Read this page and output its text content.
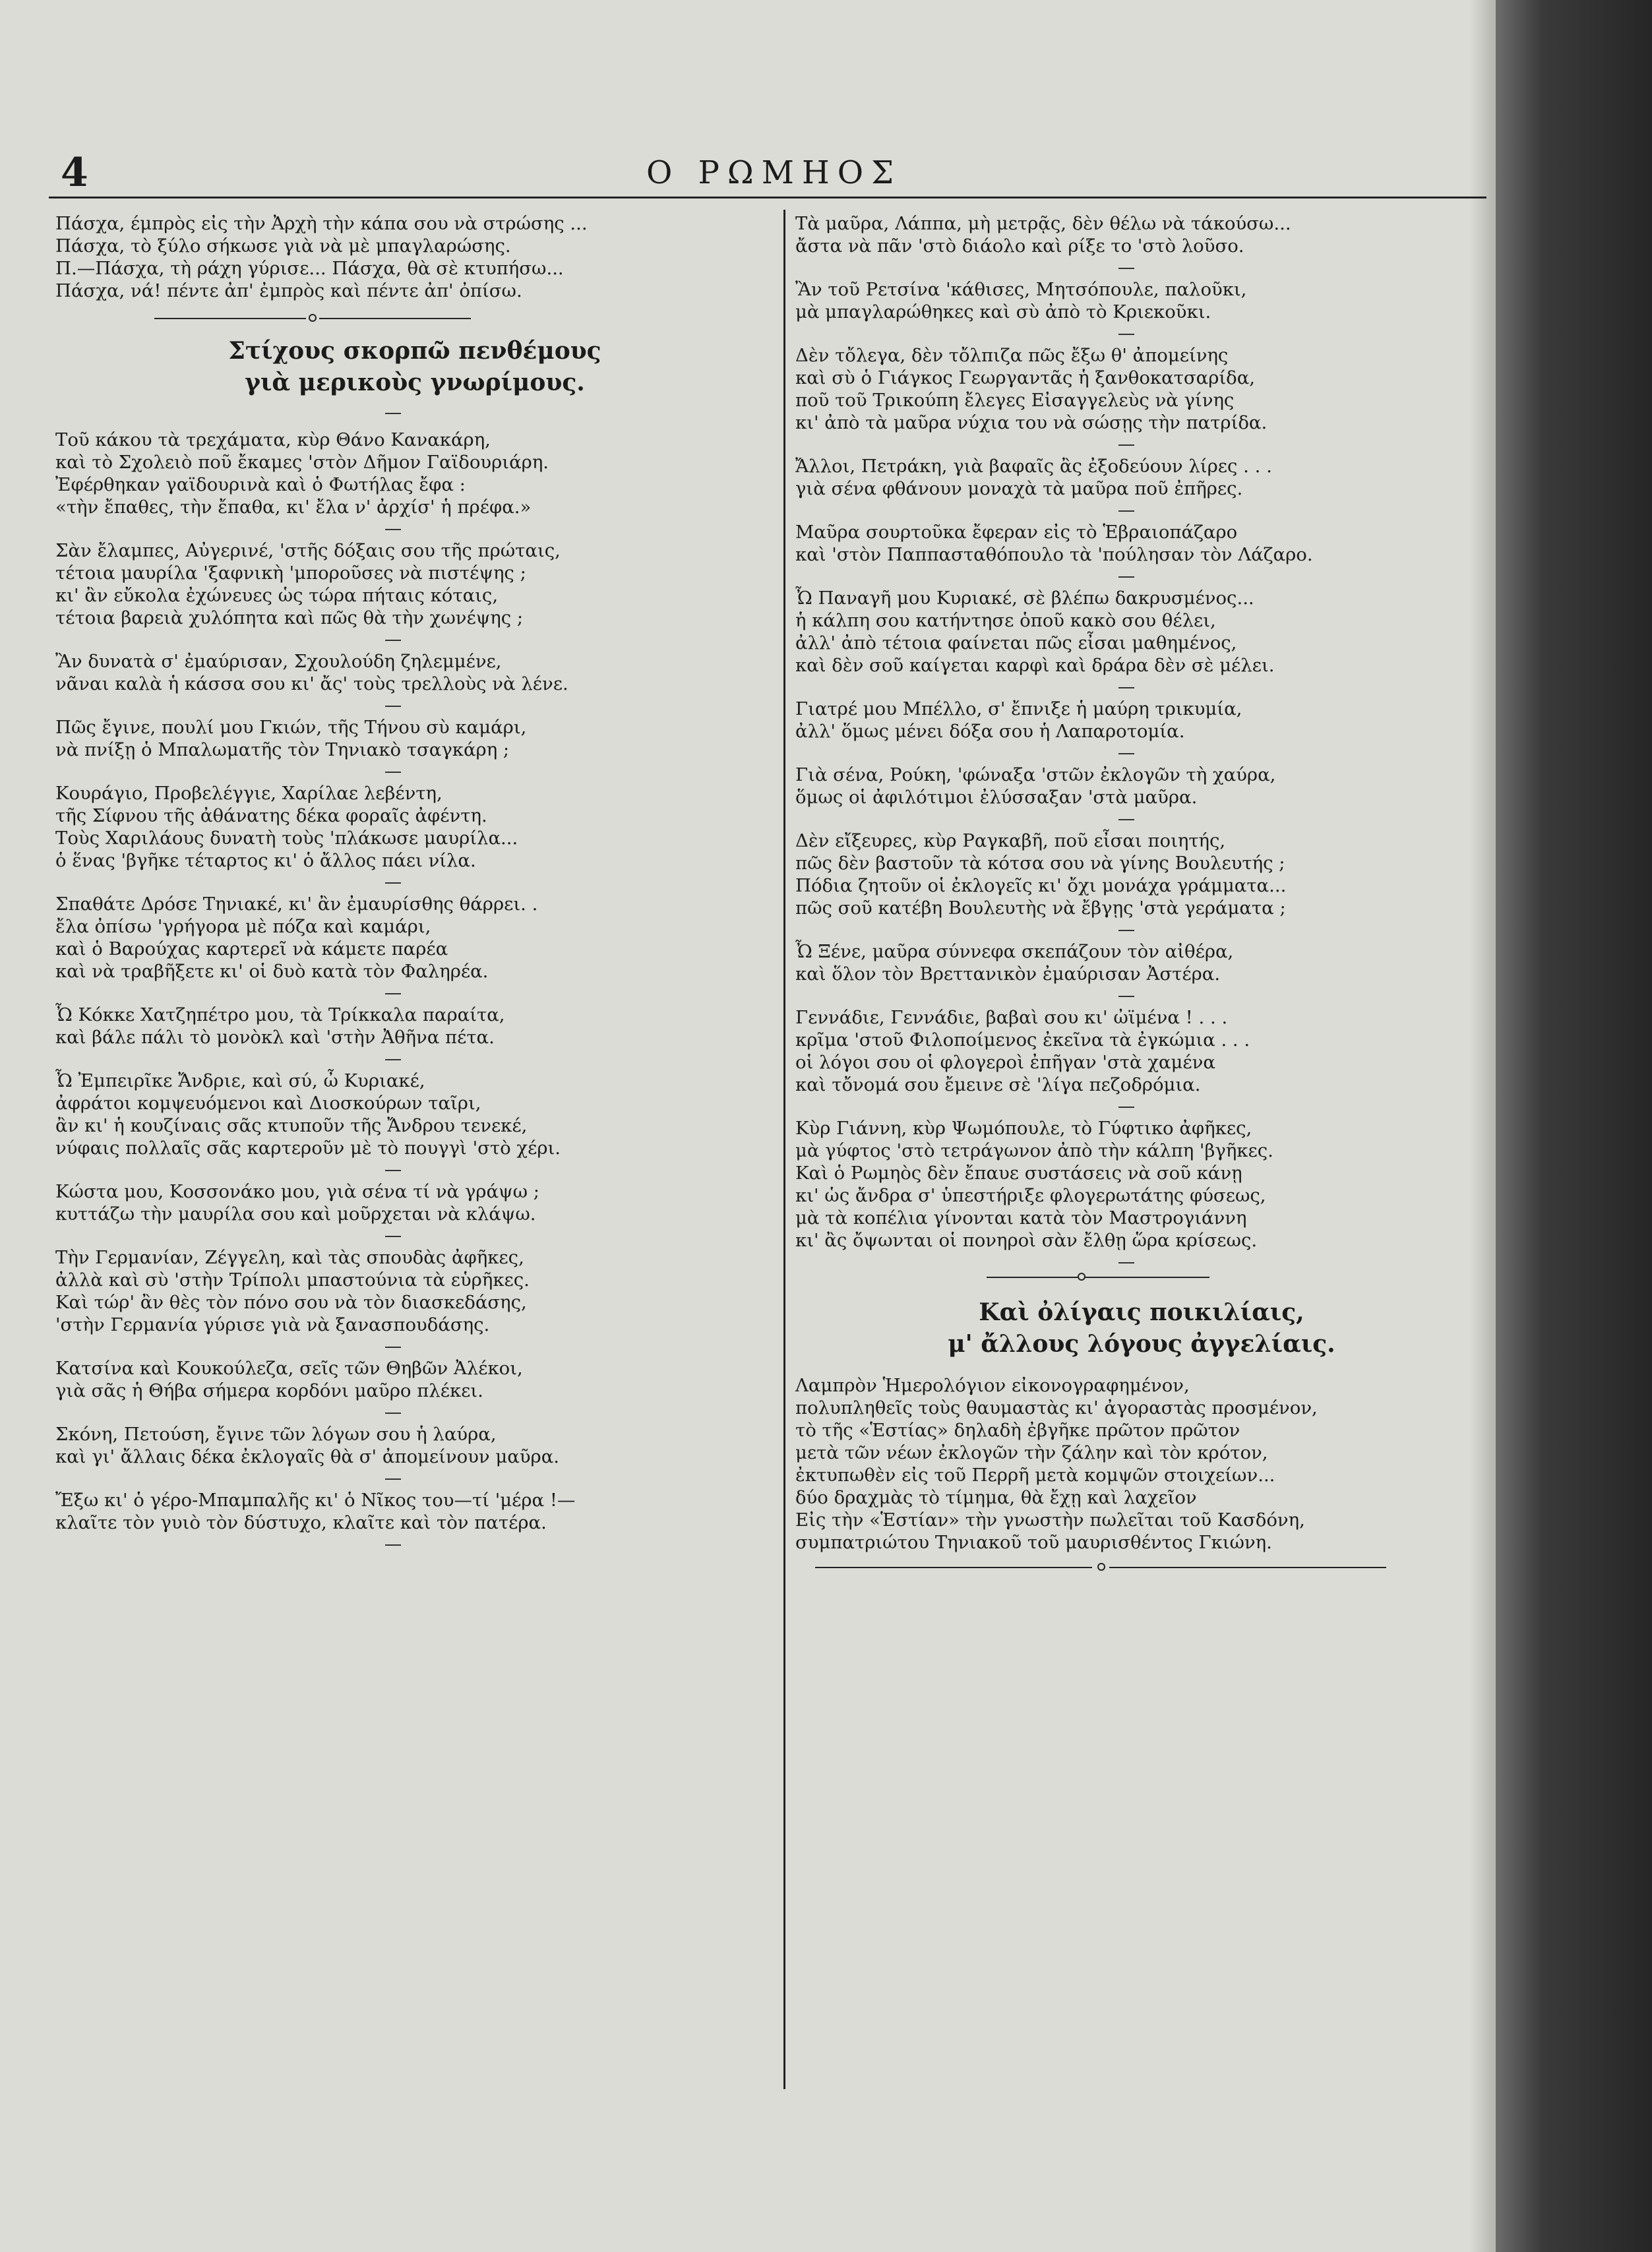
4	Ο ΡΩΜΗΟΣ
Πάσχα, έμπρὸς εἰς τὴν Ἀρχὴ τὴν κάπα σου νὰ στρώσης ...
Πάσχα, τὸ ξύλο σήκωσε γιὰ νὰ μὲ μπαγλαρώσης.
Π.—Πάσχα, τὴ ράχη γύρισε... Πάσχα, θὰ σὲ κτυπήσω...
Πάσχα, νά! πέντε ἀπ' ἐμπρὸς καὶ πέντε ἀπ' ὀπίσω.
Στίχους σκορπῶ πενθέμους
γιὰ μερικοὺς γνωρίμους.
Τοῦ κάκου τὰ τρεχάματα, κὺρ Θάνο Κανακάρη,
καὶ τὸ Σχολειὸ ποῦ ἔκαμες 'στὸν Δῆμον Γαϊδουριάρη.
Ἐφέρθηκαν γαϊδουρινὰ καὶ ὁ Φωτήλας ἔφα :
«τὴν ἔπαθες, τὴν ἔπαθα, κι' ἔλα ν' ἀρχίσ' ἡ πρέφα.»
Σὰν ἔλαμπες, Αὐγερινέ, 'στῆς δόξαις σου τῆς πρώταις,
τέτοια μαυρίλα 'ξαφνικὴ 'μποροῦσες νὰ πιστέψης ;
κι' ἂν εὔκολα ἐχώνευες ὡς τώρα πήταις κόταις,
τέτοια βαρειὰ χυλόπητα καὶ πῶς θὰ τὴν χωνέψης ;
Ἂν δυνατὰ σ' ἐμαύρισαν, Σχουλούδη ζηλεμμένε,
νᾶναι καλὰ ἡ κάσσα σου κι' ἄς' τοὺς τρελλοὺς νὰ λένε.
Πῶς ἔγινε, πουλί μου Γκιών, τῆς Τήνου σὺ καμάρι,
νὰ πνίξῃ ὁ Μπαλωματῆς τὸν Τηνιακὸ τσαγκάρη ;
Κουράγιο, Προβελέγγιε, Χαρίλαε λεβέντη,
τῆς Σίφνου τῆς ἀθάνατης δέκα φοραῖς ἀφέντη.
Τοὺς Χαριλάους δυνατὴ τοὺς 'πλάκωσε μαυρίλα...
ὁ ἕνας 'βγῆκε τέταρτος κι' ὁ ἄλλος πάει νίλα.
Σπαθάτε Δρόσε Τηνιακέ, κι' ἂν ἐμαυρίσθης θάρρει. .
ἔλα ὀπίσω 'γρήγορα μὲ πόζα καὶ καμάρι,
καὶ ὁ Βαρούχας καρτερεῖ νὰ κάμετε παρέα
καὶ νὰ τραβῆξετε κι' οἱ δυὸ κατὰ τὸν Φαληρέα.
Ὦ Κόκκε Χατζηπέτρο μου, τὰ Τρίκκαλα παραίτα,
καὶ βάλε πάλι τὸ μονὸκλ καὶ 'στὴν Ἀθῆνα πέτα.
Ὦ Ἐμπειρῖκε Ἄνδριε, καὶ σύ, ὦ Κυριακέ,
ἀφράτοι κομψευόμενοι καὶ Διοσκούρων ταῖρι,
ἂν κι' ἡ κουζίναις σᾶς κτυποῦν τῆς Ἄνδρου τενεκέ,
νύφαις πολλαῖς σᾶς καρτεροῦν μὲ τὸ πουγγὶ 'στὸ χέρι.
Κώστα μου, Κοσσονάκο μου, γιὰ σένα τί νὰ γράψω ;
κυττάζω τὴν μαυρίλα σου καὶ μοῦρχεται νὰ κλάψω.
Τὴν Γερμανίαν, Ζέγγελη, καὶ τὰς σπουδὰς ἀφῆκες,
ἀλλὰ καὶ σὺ 'στὴν Τρίπολι μπαστούνια τὰ εὑρῆκες.
Καὶ τώρ' ἂν θὲς τὸν πόνο σου νὰ τὸν διασκεδάσης,
'στὴν Γερμανία γύρισε γιὰ νὰ ξανασπουδάσης.
Κατσίνα καὶ Κουκούλεζα, σεῖς τῶν Θηβῶν Ἀλέκοι,
γιὰ σᾶς ἡ Θήβα σήμερα κορδόνι μαῦρο πλέκει.
Σκόνη, Πετούση, ἔγινε τῶν λόγων σου ἡ λαύρα,
καὶ γι' ἄλλαις δέκα ἐκλογαῖς θὰ σ' ἀπομείνουν μαῦρα.
Ἔξω κι' ὁ γέρο-Μπαμπαλῆς κι' ὁ Νῖκος του—τί 'μέρα !—
κλαῖτε τὸν γυιὸ τὸν δύστυχο, κλαῖτε καὶ τὸν πατέρα.
Τὰ μαῦρα, Λάππα, μὴ μετρᾷς, δὲν θέλω νὰ τάκούσω...
ἄστα νὰ πᾶν 'στὸ διάολο καὶ ρίξε το 'στὸ λοῦσο.
Ἂν τοῦ Ρετσίνα 'κάθισες, Μητσόπουλε, παλοῦκι,
μὰ μπαγλαρώθηκες καὶ σὺ ἀπὸ τὸ Κριεκοῦκι.
Δὲν τὄλεγα, δὲν τὄλπιζα πῶς ἔξω θ' ἀπομείνης
καὶ σὺ ὁ Γιάγκος Γεωργαντᾶς ἡ ξανθοκατσαρίδα,
ποῦ τοῦ Τρικούπη ἔλεγες Εἰσαγγελεὺς νὰ γίνης
κι' ἀπὸ τὰ μαῦρα νύχια του νὰ σώσῃς τὴν πατρίδα.
Ἄλλοι, Πετράκη, γιὰ βαφαῖς ἂς ἐξοδεύουν λίρες . . .
γιὰ σένα φθάνουν μοναχὰ τὰ μαῦρα ποῦ ἐπῆρες.
Μαῦρα σουρτοῦκα ἔφεραν εἰς τὸ Ἑβραιοπάζαρο
καὶ 'στὸν Παππασταθόπουλο τὰ 'πούλησαν τὸν Λάζαρο.
Ὦ Παναγῆ μου Κυριακέ, σὲ βλέπω δακρυσμένος...
ἡ κάλπη σου κατήντησε ὁποῦ κακὸ σου θέλει,
ἀλλ' ἀπὸ τέτοια φαίνεται πῶς εἶσαι μαθημένος,
καὶ δὲν σοῦ καίγεται καρφὶ καὶ δράρα δὲν σὲ μέλει.
Γιατρέ μου Μπέλλο, σ' ἔπνιξε ἡ μαύρη τρικυμία,
ἀλλ' ὅμως μένει δόξα σου ἡ Λαπαροτομία.
Γιὰ σένα, Ρούκη, 'φώναξα 'στῶν ἐκλογῶν τὴ χαύρα,
ὅμως οἱ ἀφιλότιμοι ἐλύσσαξαν 'στὰ μαῦρα.
Δὲν εἴξευρες, κὺρ Ραγκαβῆ, ποῦ εἶσαι ποιητής,
πῶς δὲν βαστοῦν τὰ κότσα σου νὰ γίνης Βουλευτής ;
Πόδια ζητοῦν οἱ ἐκλογεῖς κι' ὄχι μονάχα γράμματα...
πῶς σοῦ κατέβη Βουλευτὴς νὰ ἔβγῃς 'στὰ γεράματα ;
Ὦ Ξένε, μαῦρα σύννεφα σκεπάζουν τὸν αἰθέρα,
καὶ ὅλον τὸν Βρεττανικὸν ἐμαύρισαν Ἀστέρα.
Γεννάδιε, Γεννάδιε, βαβαὶ σου κι' ὠϊμένα ! . . .
κρῖμα 'στοῦ Φιλοποίμενος ἐκεῖνα τὰ ἐγκώμια . . .
οἱ λόγοι σου οἱ φλογεροὶ ἐπῆγαν 'στὰ χαμένα
καὶ τὄνομά σου ἔμεινε σὲ 'λίγα πεζοδρόμια.
Κὺρ Γιάννη, κὺρ Ψωμόπουλε, τὸ Γύφτικο ἀφῆκες,
μὰ γύφτος 'στὸ τετράγωνον ἀπὸ τὴν κάλπη 'βγῆκες.
Καὶ ὁ Ρωμηὸς δὲν ἔπαυε συστάσεις νὰ σοῦ κάνῃ
κι' ὡς ἄνδρα σ' ὑπεστήριξε φλογερωτάτης φύσεως,
μὰ τὰ κοπέλια γίνονται κατὰ τὸν Μαστρογιάννη
κι' ἂς ὄψωνται οἱ πονηροὶ σὰν ἔλθῃ ὥρα κρίσεως.
Καὶ ὀλίγαις ποικιλίαις,
μ' ἄλλους λόγους ἀγγελίαις.
Λαμπρὸν Ἡμερολόγιον εἰκονογραφημένον,
πολυπληθεῖς τοὺς θαυμαστὰς κι' ἀγοραστὰς προσμένον,
τὸ τῆς «Ἑστίας» δηλαδὴ ἐβγῆκε πρῶτον πρῶτον
μετὰ τῶν νέων ἐκλογῶν τὴν ζάλην καὶ τὸν κρότον,
ἐκτυπωθὲν εἰς τοῦ Περρῆ μετὰ κομψῶν στοιχείων...
δύο δραχμὰς τὸ τίμημα, θὰ ἔχῃ καὶ λαχεῖον
Εἰς τὴν «Ἑστίαν» τὴν γνωστὴν πωλεῖται τοῦ Κασδόνη,
συμπατριώτου Τηνιακοῦ τοῦ μαυρισθέντος Γκιώνη.
